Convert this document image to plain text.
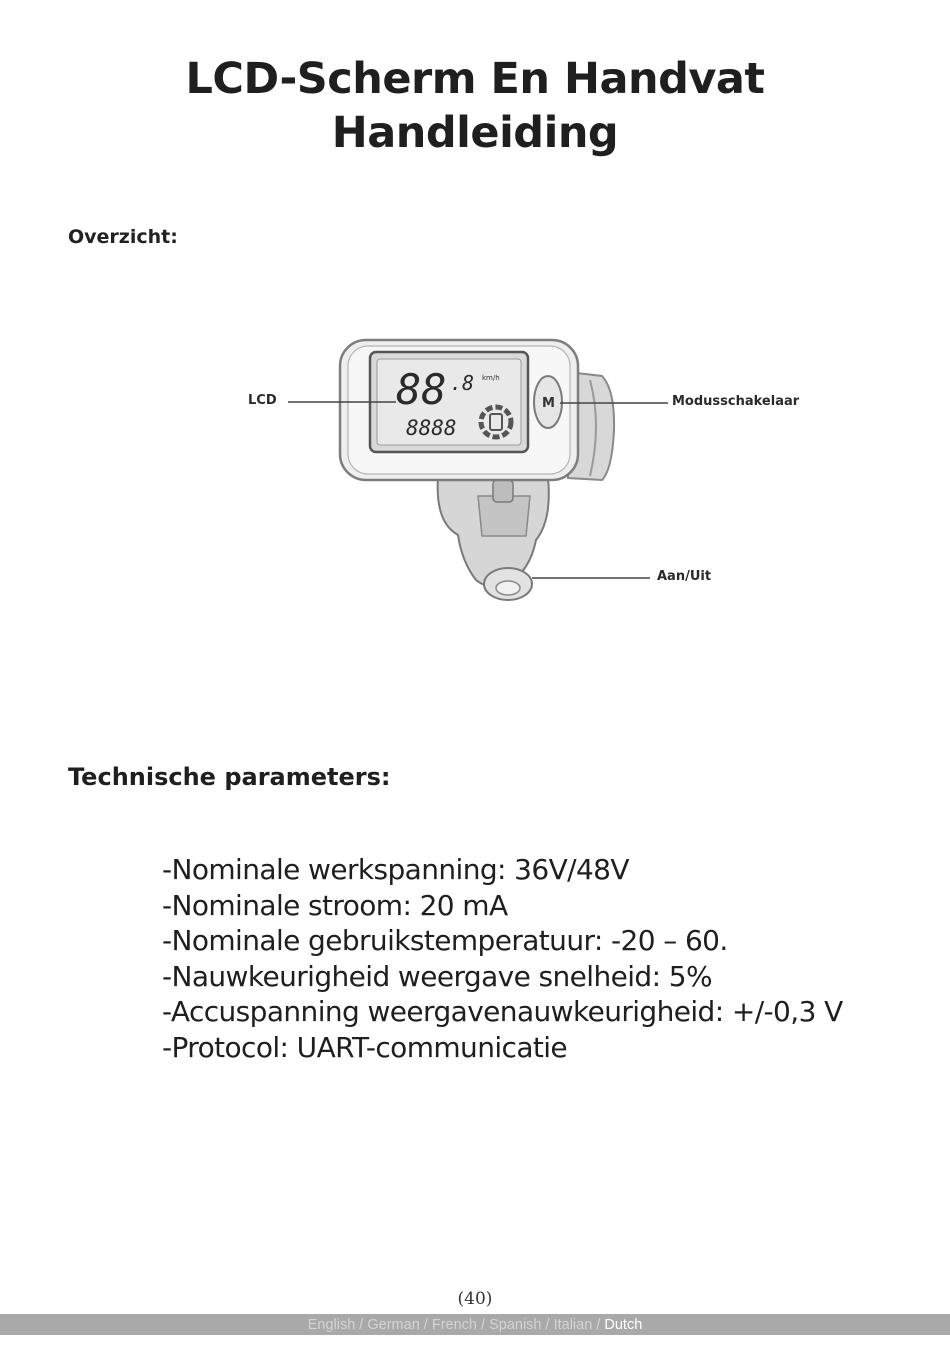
LCD-Scherm En Handvat
Handleiding
Overzicht:
88 .8 km/h
8888
M
LCD	Modusschakelaar
Aan/Uit
Technische parameters:
-Nominale werkspanning: 36V/48V
-Nominale stroom: 20 mA
-Nominale gebruikstemperatuur: -20 – 60.
-Nauwkeurigheid weergave snelheid: 5%
-Accuspanning weergavenauwkeurigheid: +/-0,3 V
-Protocol: UART-communicatie
(40)
English / German / French / Spanish / Italian / Dutch
